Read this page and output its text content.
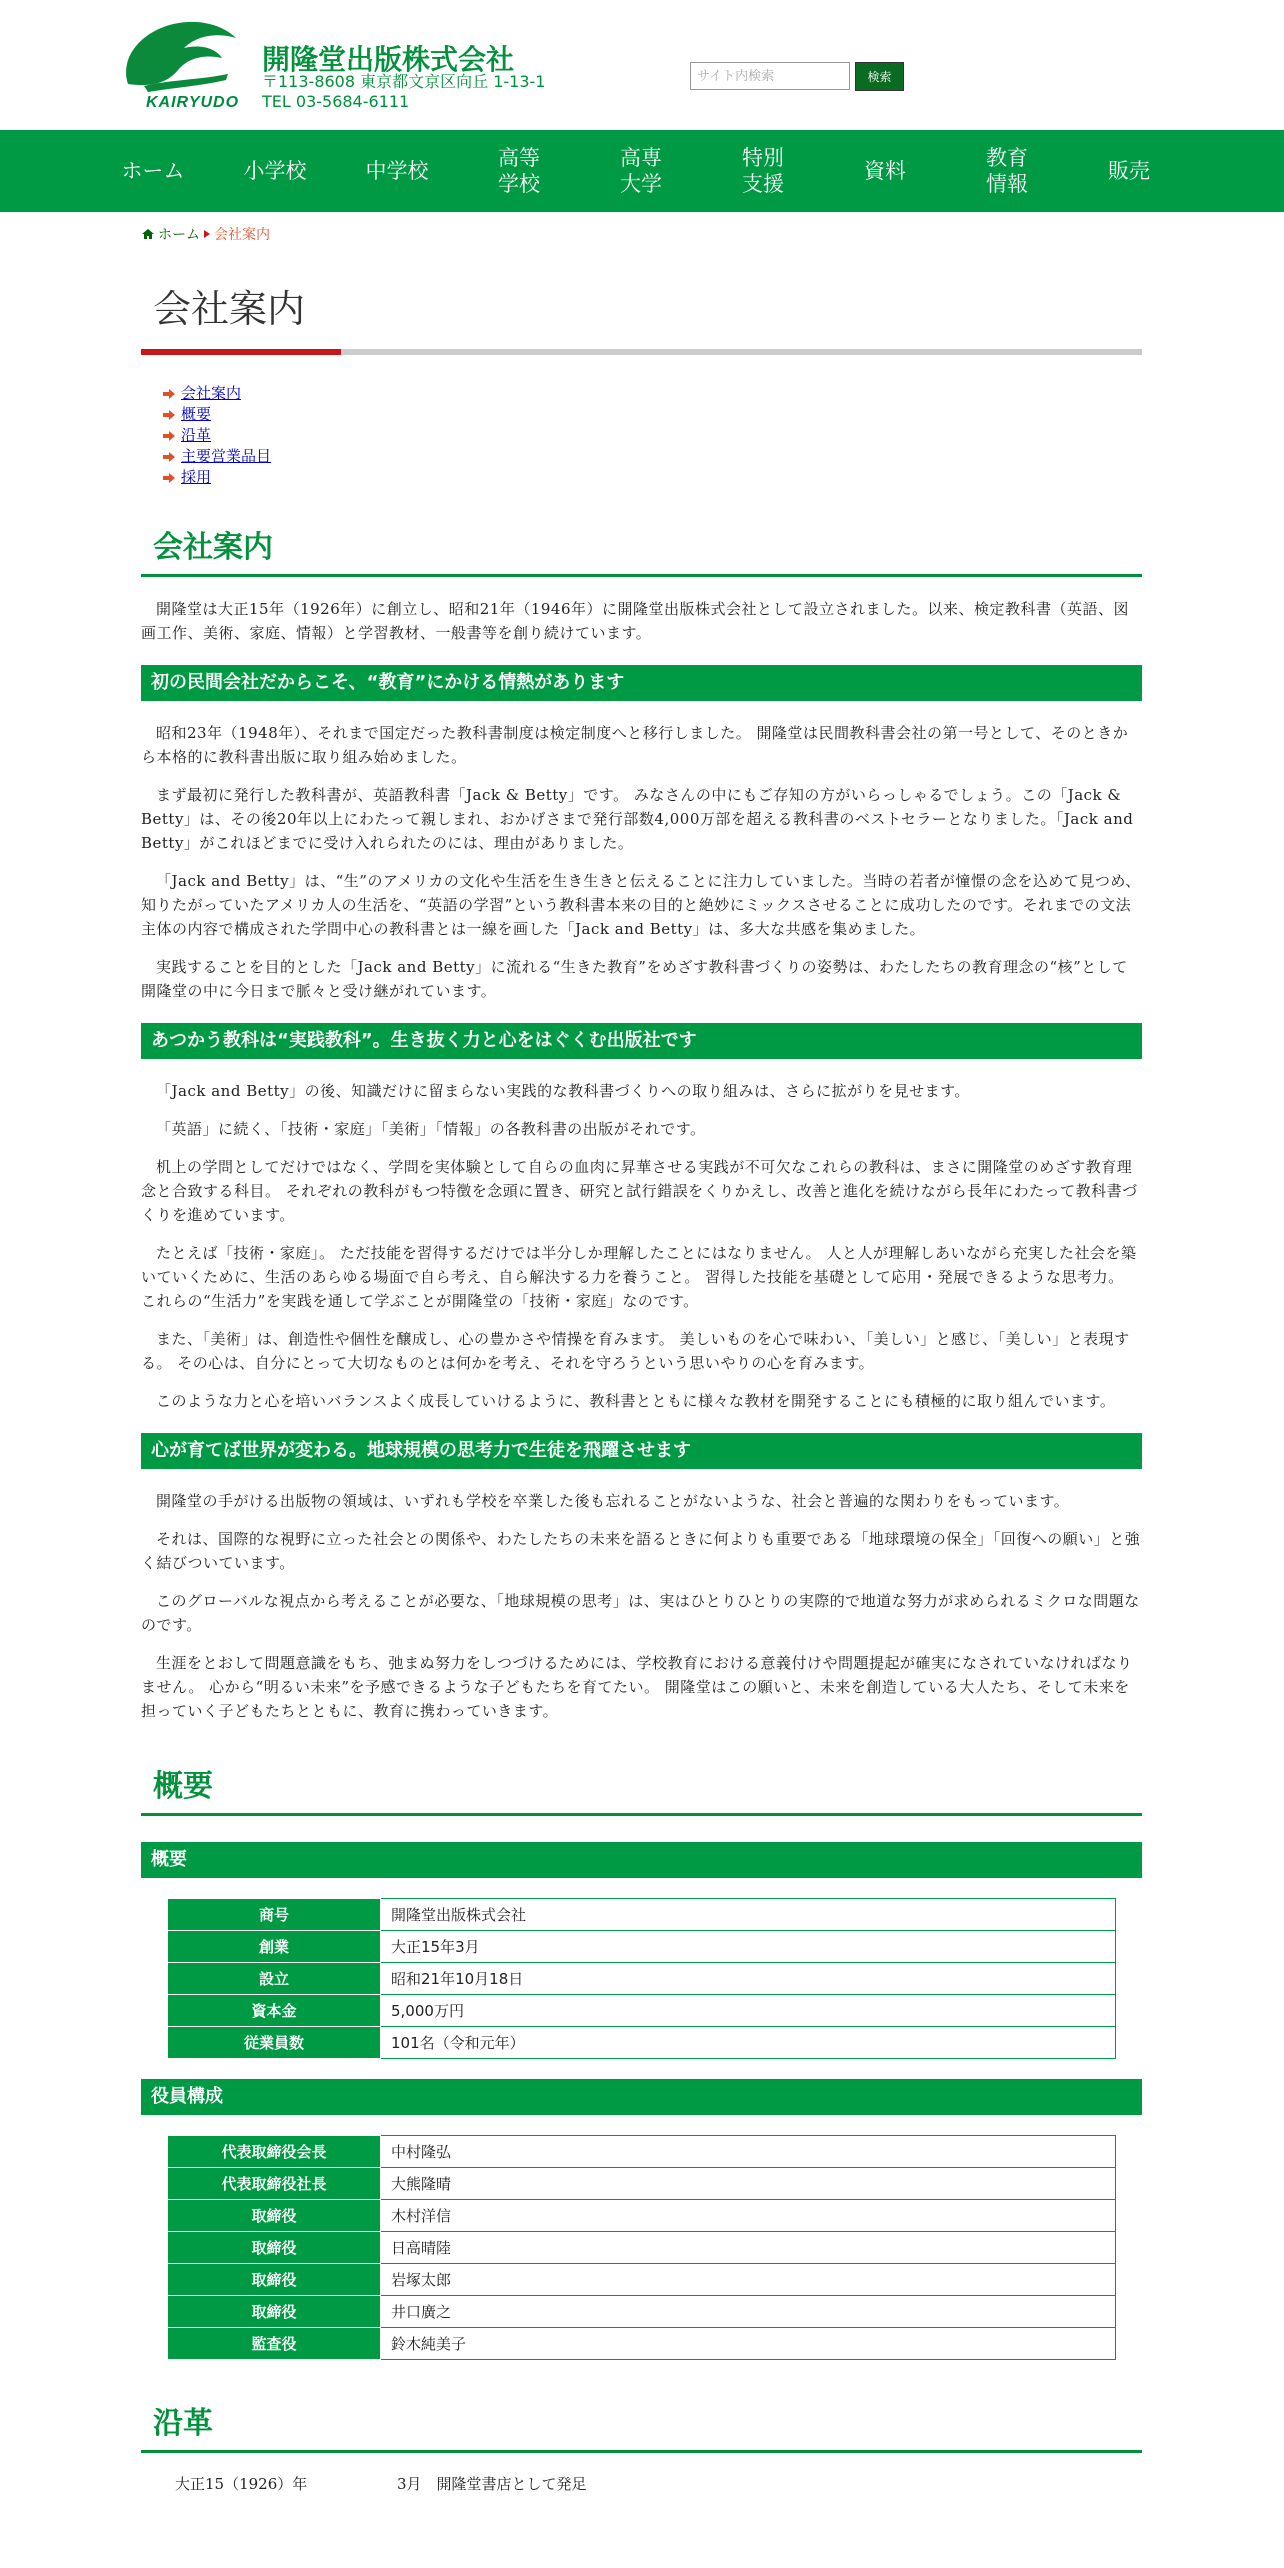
KAIRYUDO
開隆堂出版株式会社
〒113-8608 東京都文京区向丘 1-13-1
TEL 03-5684-6111
サイト内検索
検索
ホーム	小学校	中学校
高等
学校
高専
大学
特別
支援
資料
教育
情報
販売
ホーム 会社案内
会社案内
会社案内
概要
沿革
主要営業品目
採用
会社案内

開隆堂は大正15年（1926年）に創立し、昭和21年（1946年）に開隆堂出版株式会社として設立されました。以来、検定教科書（英語、図画工作、美術、家庭、情報）と学習教材、一般書等を創り続けています。

初の民間会社だからこそ、“教育”にかける情熱があります

昭和23年（1948年）、それまで国定だった教科書制度は検定制度へと移行しました。 開隆堂は民間教科書会社の第一号として、そのときから本格的に教科書出版に取り組み始めました。

まず最初に発行した教科書が、英語教科書「Jack & Betty」です。 みなさんの中にもご存知の方がいらっしゃるでしょう。この「Jack & Betty」は、その後20年以上にわたって親しまれ、おかげさまで発行部数4,000万部を超える教科書のベストセラーとなりました。「Jack and Betty」がこれほどまでに受け入れられたのには、理由がありました。

「Jack and Betty」は、“生”のアメリカの文化や生活を生き生きと伝えることに注力していました。当時の若者が憧憬の念を込めて見つめ、知りたがっていたアメリカ人の生活を、“英語の学習”という教科書本来の目的と絶妙にミックスさせることに成功したのです。それまでの文法主体の内容で構成された学問中心の教科書とは一線を画した「Jack and Betty」は、多大な共感を集めました。

実践することを目的とした「Jack and Betty」に流れる“生きた教育”をめざす教科書づくりの姿勢は、わたしたちの教育理念の“核”として開隆堂の中に今日まで脈々と受け継がれています。

あつかう教科は“実践教科”。生き抜く力と心をはぐくむ出版社です

「Jack and Betty」の後、知識だけに留まらない実践的な教科書づくりへの取り組みは、さらに拡がりを見せます。

「英語」に続く、「技術・家庭」「美術」「情報」の各教科書の出版がそれです。

机上の学問としてだけではなく、学問を実体験として自らの血肉に昇華させる実践が不可欠なこれらの教科は、まさに開隆堂のめざす教育理念と合致する科目。 それぞれの教科がもつ特徴を念頭に置き、研究と試行錯誤をくりかえし、改善と進化を続けながら長年にわたって教科書づくりを進めています。

たとえば「技術・家庭」。 ただ技能を習得するだけでは半分しか理解したことにはなりません。 人と人が理解しあいながら充実した社会を築いていくために、生活のあらゆる場面で自ら考え、自ら解決する力を養うこと。 習得した技能を基礎として応用・発展できるような思考力。 これらの“生活力”を実践を通して学ぶことが開隆堂の「技術・家庭」なのです。

また、「美術」は、創造性や個性を醸成し、心の豊かさや情操を育みます。 美しいものを心で味わい、「美しい」と感じ、「美しい」と表現する。 その心は、自分にとって大切なものとは何かを考え、それを守ろうという思いやりの心を育みます。

このような力と心を培いバランスよく成長していけるように、教科書とともに様々な教材を開発することにも積極的に取り組んでいます。

心が育てば世界が変わる。地球規模の思考力で生徒を飛躍させます

開隆堂の手がける出版物の領域は、いずれも学校を卒業した後も忘れることがないような、社会と普遍的な関わりをもっています。

それは、国際的な視野に立った社会との関係や、わたしたちの未来を語るときに何よりも重要である「地球環境の保全」「回復への願い」と強く結びついています。

このグローバルな視点から考えることが必要な、「地球規模の思考」は、実はひとりひとりの実際的で地道な努力が求められるミクロな問題なのです。

生涯をとおして問題意識をもち、弛まぬ努力をしつづけるためには、学校教育における意義付けや問題提起が確実になされていなければなりません。 心から“明るい未来”を予感できるような子どもたちを育てたい。 開隆堂はこの願いと、未来を創造している大人たち、そして未来を担っていく子どもたちとともに、教育に携わっていきます。

概要
概要
商号	開隆堂出版株式会社
創業	大正15年3月
設立	昭和21年10月18日
資本金	5,000万円
従業員数	101名（令和元年）
役員構成
代表取締役会長	中村隆弘
代表取締役社長	大熊隆晴
取締役	木村洋信
取締役	日高晴陸
取締役	岩塚太郎
取締役	井口廣之
監査役	鈴木純美子
沿革
大正15（1926）年	3月　開隆堂書店として発足
